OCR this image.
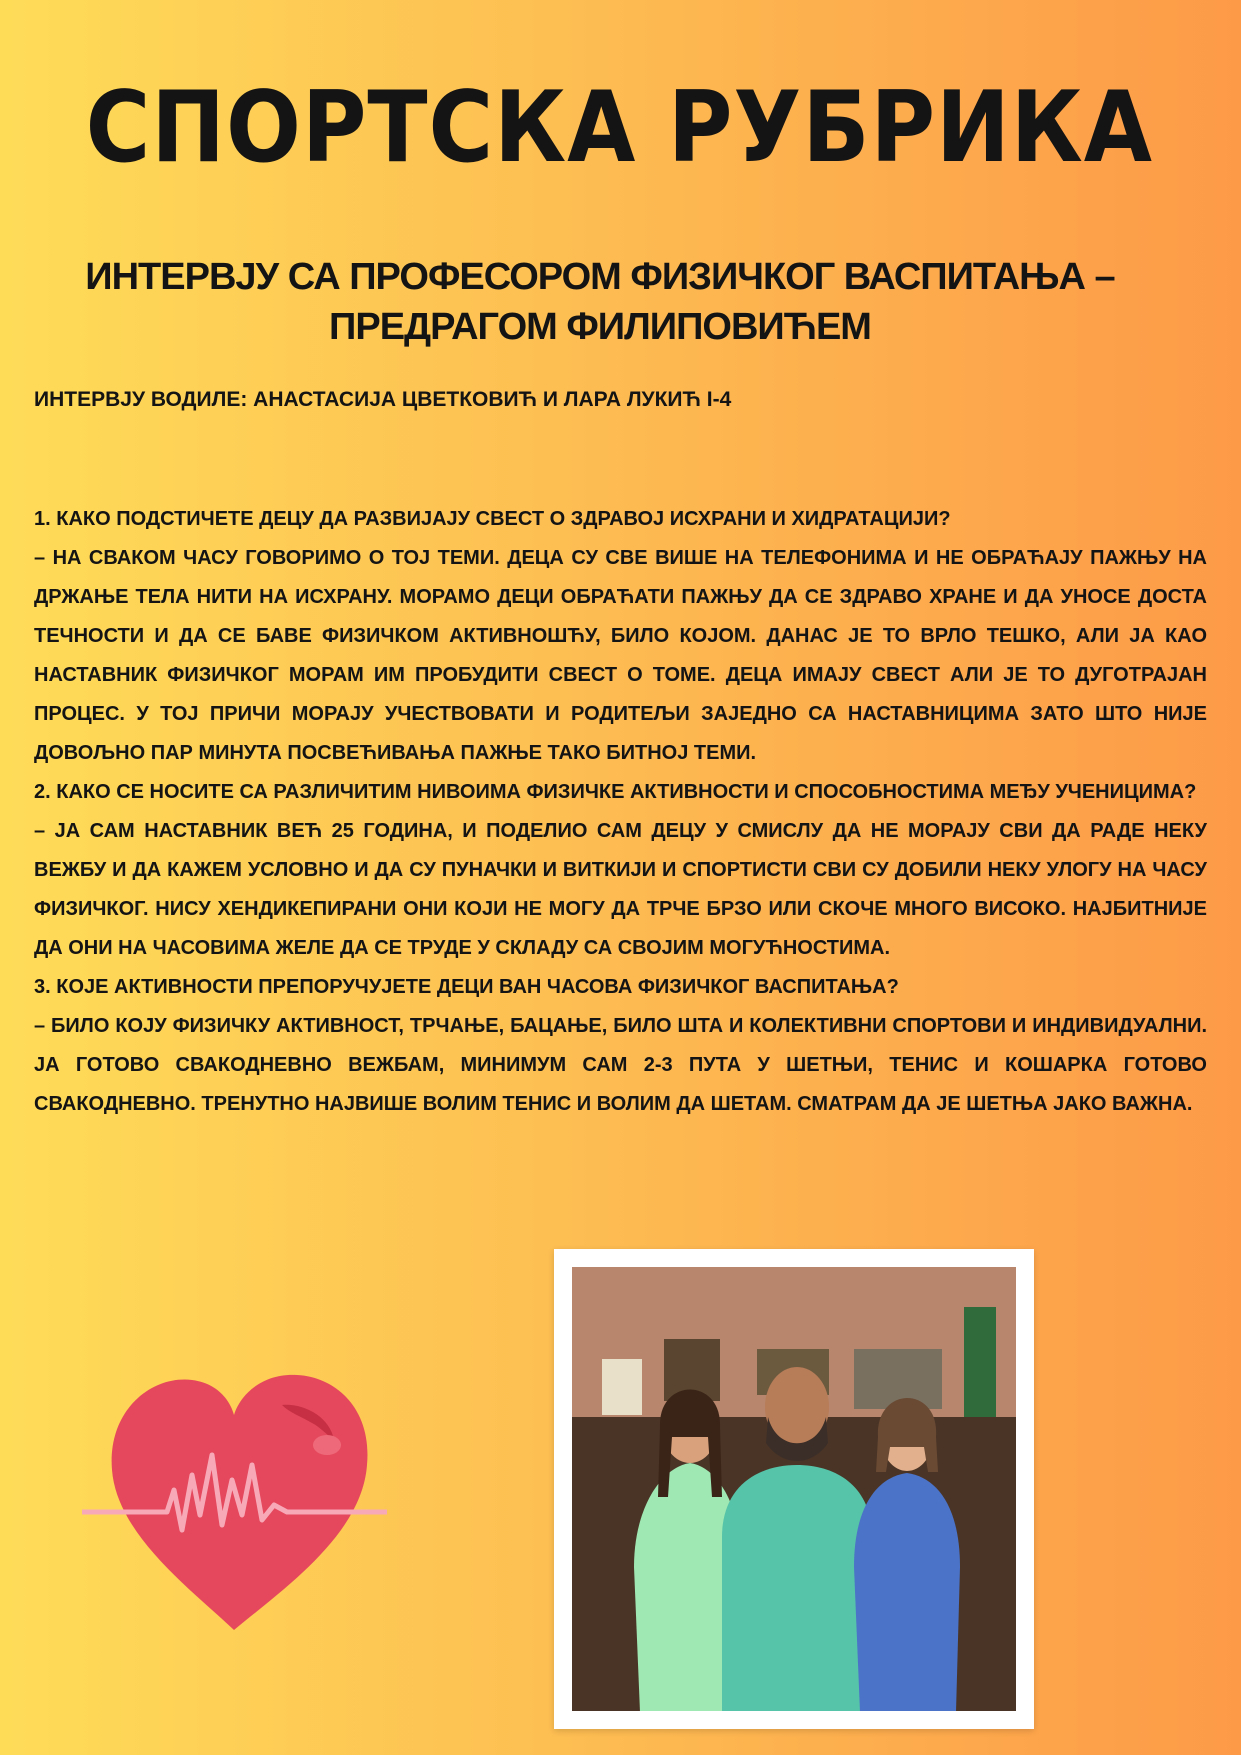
СПОРТСКА РУБРИКА
ИНТЕРВЈУ СА ПРОФЕСОРОМ ФИЗИЧКОГ ВАСПИТАЊА –
ПРЕДРАГОМ ФИЛИПОВИЋЕМ
ИНТЕРВЈУ ВОДИЛЕ: АНАСТАСИЈА ЦВЕТКОВИЋ И ЛАРА ЛУКИЋ I-4

1. КАКО ПОДСТИЧЕТЕ ДЕЦУ ДА РАЗВИЈАЈУ СВЕСТ О ЗДРАВОЈ ИСХРАНИ И ХИДРАТАЦИЈИ?

– НА СВАКОМ ЧАСУ ГОВОРИМО О ТОЈ ТЕМИ. ДЕЦА СУ СВЕ ВИШЕ НА ТЕЛЕФОНИМА И НЕ ОБРАЋАЈУ ПАЖЊУ НА ДРЖАЊЕ ТЕЛА НИТИ НА ИСХРАНУ. МОРАМО ДЕЦИ ОБРАЋАТИ ПАЖЊУ ДА СЕ ЗДРАВО ХРАНЕ И ДА УНОСЕ ДОСТА ТЕЧНОСТИ И ДА СЕ БАВЕ ФИЗИЧКОМ АКТИВНОШЋУ, БИЛО КОЈОМ. ДАНАС ЈЕ ТО ВРЛО ТЕШКО, АЛИ ЈА КАО НАСТАВНИК ФИЗИЧКОГ МОРАМ ИМ ПРОБУДИТИ СВЕСТ О ТОМЕ. ДЕЦА ИМАЈУ СВЕСТ АЛИ ЈЕ ТО ДУГОТРАЈАН ПРОЦЕС. У ТОЈ ПРИЧИ МОРАЈУ УЧЕСТВОВАТИ И РОДИТЕЉИ ЗАЈЕДНО СА НАСТАВНИЦИМА ЗАТО ШТО НИЈЕ ДОВОЉНО ПАР МИНУТА ПОСВЕЋИВАЊА ПАЖЊЕ ТАКО БИТНОЈ ТЕМИ.

2. КАКО СЕ НОСИТЕ СА РАЗЛИЧИТИМ НИВОИМА ФИЗИЧКЕ АКТИВНОСТИ И СПОСОБНОСТИМА МЕЂУ УЧЕНИЦИМА?

– ЈА САМ НАСТАВНИК ВЕЋ 25 ГОДИНА, И ПОДЕЛИО САМ ДЕЦУ У СМИСЛУ ДА НЕ МОРАЈУ СВИ ДА РАДЕ НЕКУ ВЕЖБУ И ДА КАЖЕМ УСЛОВНО И ДА СУ ПУНАЧКИ И ВИТКИЈИ И СПОРТИСТИ СВИ СУ ДОБИЛИ НЕКУ УЛОГУ НА ЧАСУ ФИЗИЧКОГ. НИСУ ХЕНДИКЕПИРАНИ ОНИ КОЈИ НЕ МОГУ ДА ТРЧЕ БРЗО ИЛИ СКОЧЕ МНОГО ВИСОКО. НАЈБИТНИЈЕ ДА ОНИ НА ЧАСОВИМА ЖЕЛЕ ДА СЕ ТРУДЕ У СКЛАДУ СА СВОЈИМ МОГУЋНОСТИМА.

3. КОЈЕ АКТИВНОСТИ ПРЕПОРУЧУЈЕТЕ ДЕЦИ ВАН ЧАСОВА ФИЗИЧКОГ ВАСПИТАЊА?

– БИЛО КОЈУ ФИЗИЧКУ АКТИВНОСТ, ТРЧАЊЕ, БАЦАЊЕ, БИЛО ШТА И КОЛЕКТИВНИ СПОРТОВИ И ИНДИВИДУАЛНИ. ЈА ГОТОВО СВАКОДНЕВНО ВЕЖБАМ, МИНИМУМ САМ 2-3 ПУТА У ШЕТЊИ, ТЕНИС И КОШАРКА ГОТОВО СВАКОДНЕВНО. ТРЕНУТНО НАЈВИШЕ ВОЛИМ ТЕНИС И ВОЛИМ ДА ШЕТАМ. СМАТРАМ ДА ЈЕ ШЕТЊА ЈАКО ВАЖНА.
